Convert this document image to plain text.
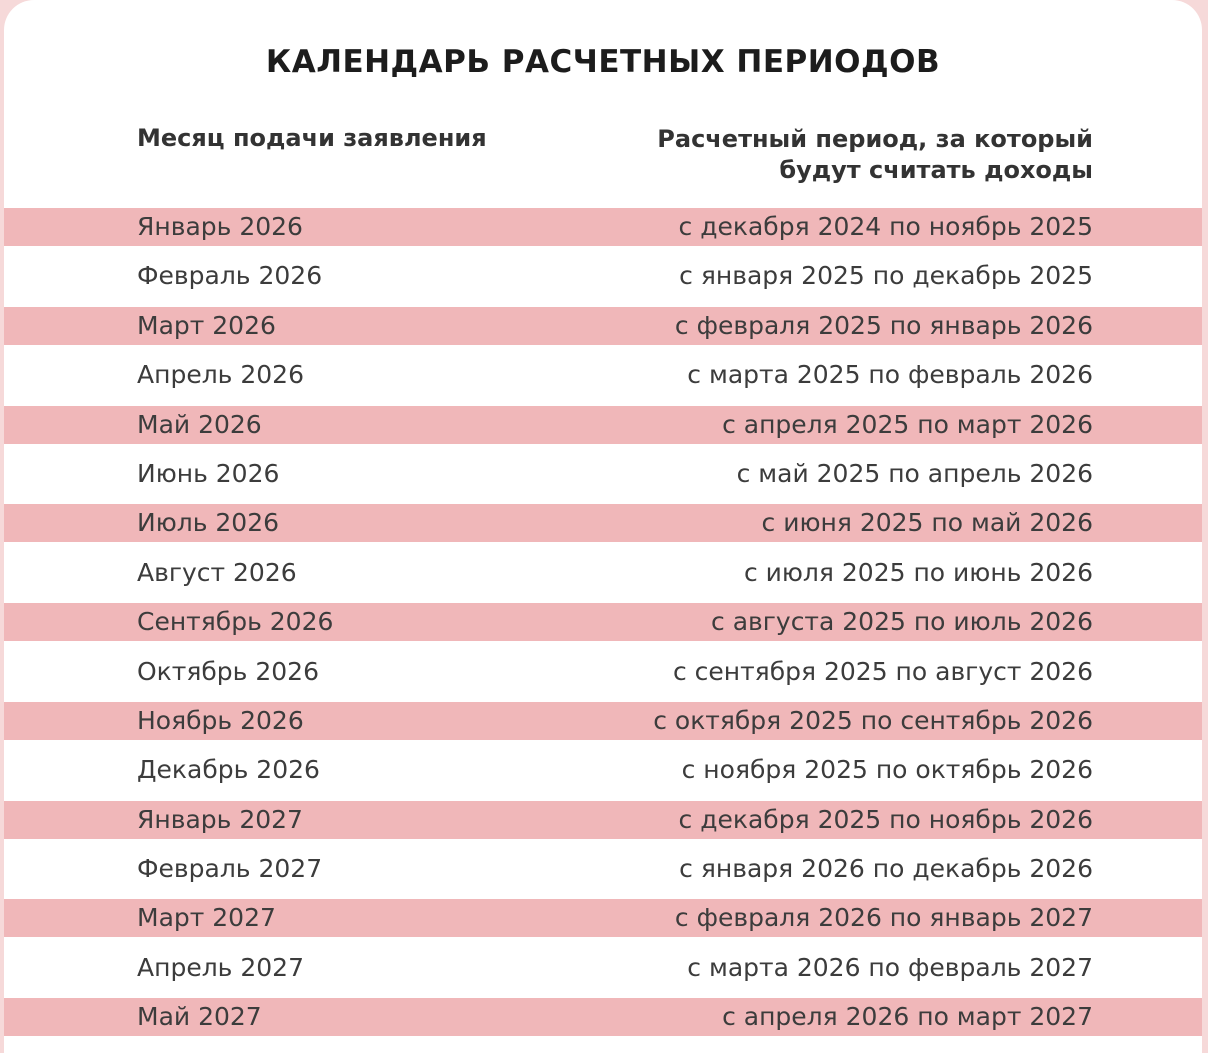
КАЛЕНДАРЬ РАСЧЕТНЫХ ПЕРИОДОВ
Месяц подачи заявления	Расчетный период, за который
будут считать доходы
Январь 2026	с декабря 2024 по ноябрь 2025
Февраль 2026	с января 2025 по декабрь 2025
Март 2026	с февраля 2025 по январь 2026
Апрель 2026	с марта 2025 по февраль 2026
Май 2026	с апреля 2025 по март 2026
Июнь 2026	с май 2025 по апрель 2026
Июль 2026	с июня 2025 по май 2026
Август 2026	с июля 2025 по июнь 2026
Сентябрь 2026	с августа 2025 по июль 2026
Октябрь 2026	с сентября 2025 по август 2026
Ноябрь 2026	с октября 2025 по сентябрь 2026
Декабрь 2026	с ноября 2025 по октябрь 2026
Январь 2027	с декабря 2025 по ноябрь 2026
Февраль 2027	с января 2026 по декабрь 2026
Март 2027	с февраля 2026 по январь 2027
Апрель 2027	с марта 2026 по февраль 2027
Май 2027	с апреля 2026 по март 2027
